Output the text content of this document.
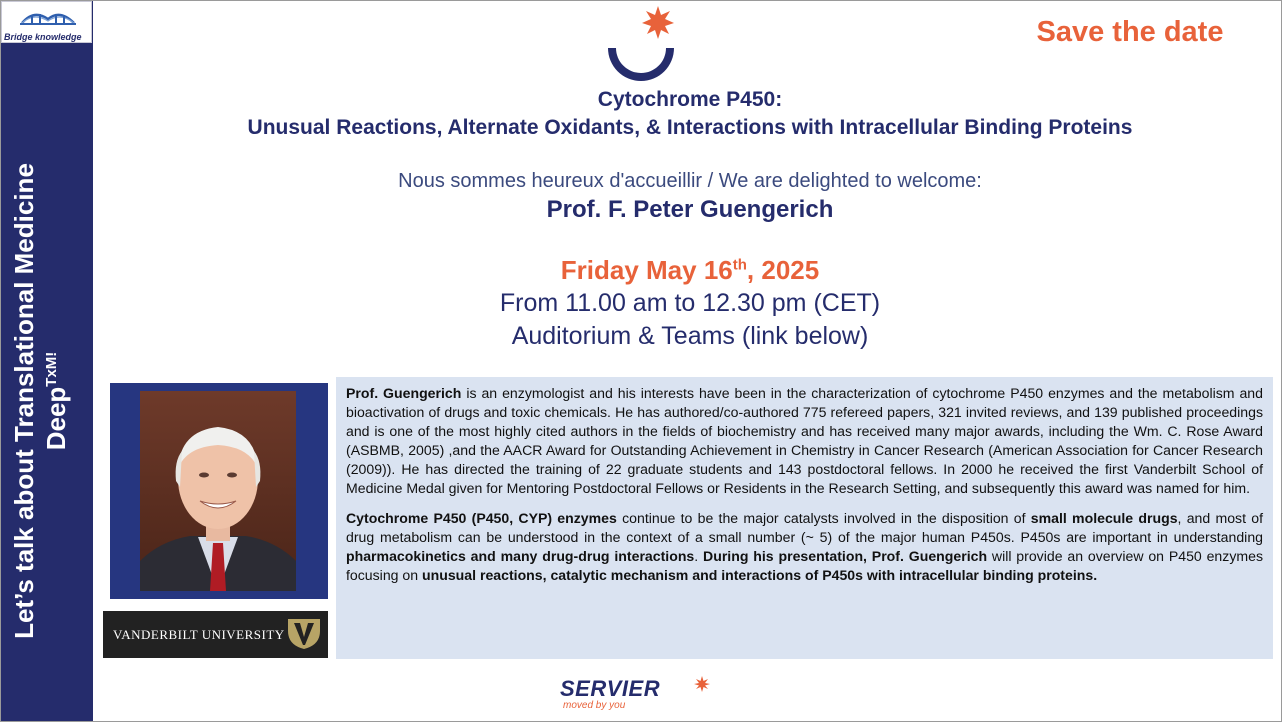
Let’s talk about Translational Medicine Deep$^{TxM!}$
Bridge knowledge	Save the date
Cytochrome P450:
Unusual Reactions, Alternate Oxidants, & Interactions with Intracellular Binding Proteins
Nous sommes heureux d'accueillir / We are delighted to welcome:
Prof. F. Peter Guengerich
Friday May 16th, 2025
From 11.00 am to 12.30 pm (CET)
Auditorium & Teams (link below)
VANDERBILT UNIVERSITY

Prof. Guengerich is an enzymologist and his interests have been in the characterization of cytochrome P450 enzymes and the metabolism and bioactivation of drugs and toxic chemicals. He has authored/co-authored 775 refereed papers, 321 invited reviews, and 139 published proceedings and is one of the most highly cited authors in the fields of biochemistry and has received many major awards, including the Wm. C. Rose Award (ASBMB, 2005) ,and the AACR Award for Outstanding Achievement in Chemistry in Cancer Research (American Association for Cancer Research (2009)). He has directed the training of 22 graduate students and 143 postdoctoral fellows. In 2000 he received the first Vanderbilt School of Medicine Medal given for Mentoring Postdoctoral Fellows or Residents in the Research Setting, and subsequently this award was named for him.

Cytochrome P450 (P450, CYP) enzymes continue to be the major catalysts involved in the disposition of small molecule drugs, and most of drug metabolism can be understood in the context of a small number (~ 5) of the major human P450s. P450s are important in understanding pharmacokinetics and many drug-drug interactions. During his presentation, Prof. Guengerich will provide an overview on P450 enzymes focusing on unusual reactions, catalytic mechanism and interactions of P450s with intracellular binding proteins.

SERVIER
moved by you
